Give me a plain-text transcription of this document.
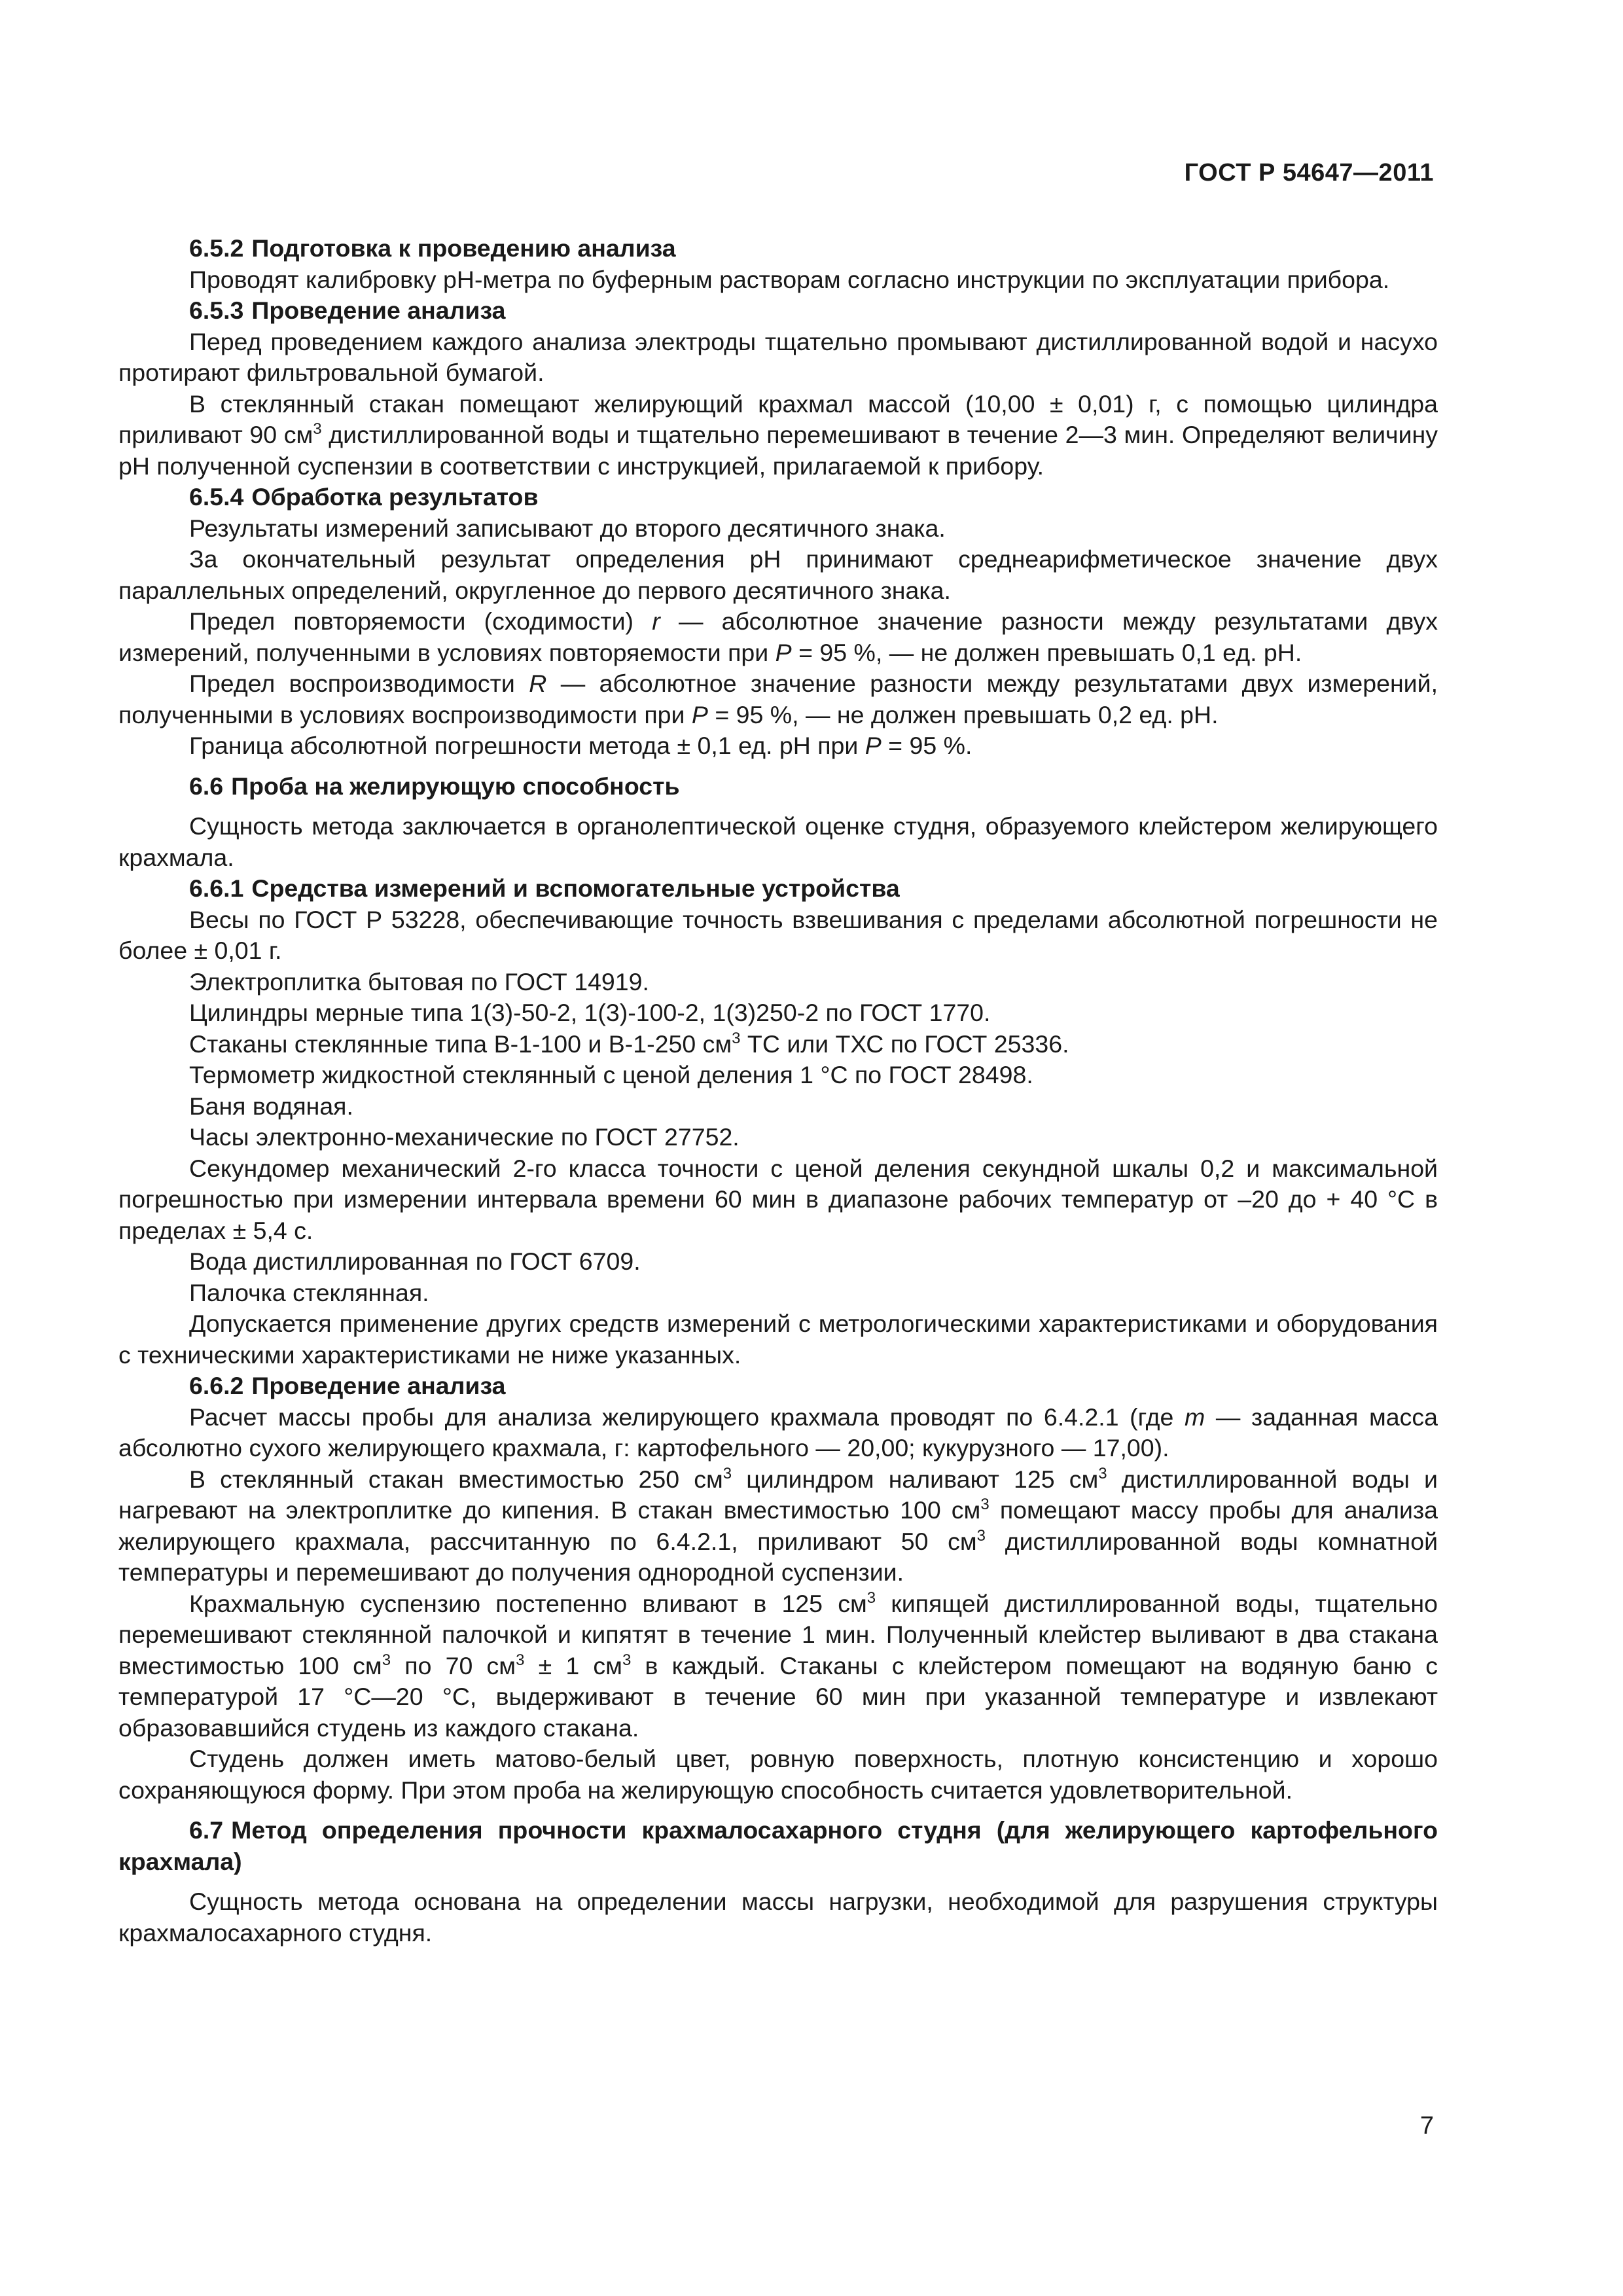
ГОСТ Р 54647—2011

6.5.2 Подготовка к проведению анализа

Проводят калибровку pH-метра по буферным растворам согласно инструкции по эксплуатации прибора.

6.5.3 Проведение анализа

Перед проведением каждого анализа электроды тщательно промывают дистиллированной водой и насухо протирают фильтровальной бумагой.

В стеклянный стакан помещают желирующий крахмал массой (10,00 ± 0,01) г, с помощью цилиндра приливают 90 $см^3$ дистиллированной воды и тщательно перемешивают в течение 2—3 мин. Определяют величину pH полученной суспензии в соответствии с инструкцией, прилагаемой к прибору.

6.5.4 Обработка результатов

Результаты измерений записывают до второго десятичного знака.

За окончательный результат определения pH принимают среднеарифметическое значение двух параллельных определений, округленное до первого десятичного знака.

Предел повторяемости (сходимости) r — абсолютное значение разности между результатами двух измерений, полученными в условиях повторяемости при P = 95 %, — не должен превышать 0,1 ед. pH.

Предел воспроизводимости R — абсолютное значение разности между результатами двух измерений, полученными в условиях воспроизводимости при P = 95 %, — не должен превышать 0,2 ед. pH.

Граница абсолютной погрешности метода ± 0,1 ед. pH при P = 95 %.

6.6 Проба на желирующую способность

Сущность метода заключается в органолептической оценке студня, образуемого клейстером желирующего крахмала.

6.6.1 Средства измерений и вспомогательные устройства

Весы по ГОСТ Р 53228, обеспечивающие точность взвешивания с пределами абсолютной погрешности не более ± 0,01 г.

Электроплитка бытовая по ГОСТ 14919.

Цилиндры мерные типа 1(3)-50-2, 1(3)-100-2, 1(3)250-2 по ГОСТ 1770.

Стаканы стеклянные типа В-1-100 и В-1-250 $см^3$ ТС или ТХС по ГОСТ 25336.

Термометр жидкостной стеклянный с ценой деления 1 °С по ГОСТ 28498.

Баня водяная.

Часы электронно-механические по ГОСТ 27752.

Секундомер механический 2-го класса точности с ценой деления секундной шкалы 0,2 и максимальной погрешностью при измерении интервала времени 60 мин в диапазоне рабочих температур от –20 до + 40 °С в пределах ± 5,4 с.

Вода дистиллированная по ГОСТ 6709.

Палочка стеклянная.

Допускается применение других средств измерений с метрологическими характеристиками и оборудования с техническими характеристиками не ниже указанных.

6.6.2 Проведение анализа

Расчет массы пробы для анализа желирующего крахмала проводят по 6.4.2.1 (где m — заданная масса абсолютно сухого желирующего крахмала, г: картофельного — 20,00; кукурузного — 17,00).

В стеклянный стакан вместимостью 250 $см^3$ цилиндром наливают 125 $см^3$ дистиллированной воды и нагревают на электроплитке до кипения. В стакан вместимостью 100 $см^3$ помещают массу пробы для анализа желирующего крахмала, рассчитанную по 6.4.2.1, приливают 50 $см^3$ дистиллированной воды комнатной температуры и перемешивают до получения однородной суспензии.

Крахмальную суспензию постепенно вливают в 125 $см^3$ кипящей дистиллированной воды, тщательно перемешивают стеклянной палочкой и кипятят в течение 1 мин. Полученный клейстер выливают в два стакана вместимостью 100 $см^3$ по 70 $см^3 \pm 1$ $см^3$ в каждый. Стаканы с клейстером помещают на водяную баню с температурой 17 °С—20 °С, выдерживают в течение 60 мин при указанной температуре и извлекают образовавшийся студень из каждого стакана.

Студень должен иметь матово-белый цвет, ровную поверхность, плотную консистенцию и хорошо сохраняющуюся форму. При этом проба на желирующую способность считается удовлетворительной.

6.7 Метод определения прочности крахмалосахарного студня (для желирующего картофельного крахмала)

Сущность метода основана на определении массы нагрузки, необходимой для разрушения структуры крахмалосахарного студня.

7
